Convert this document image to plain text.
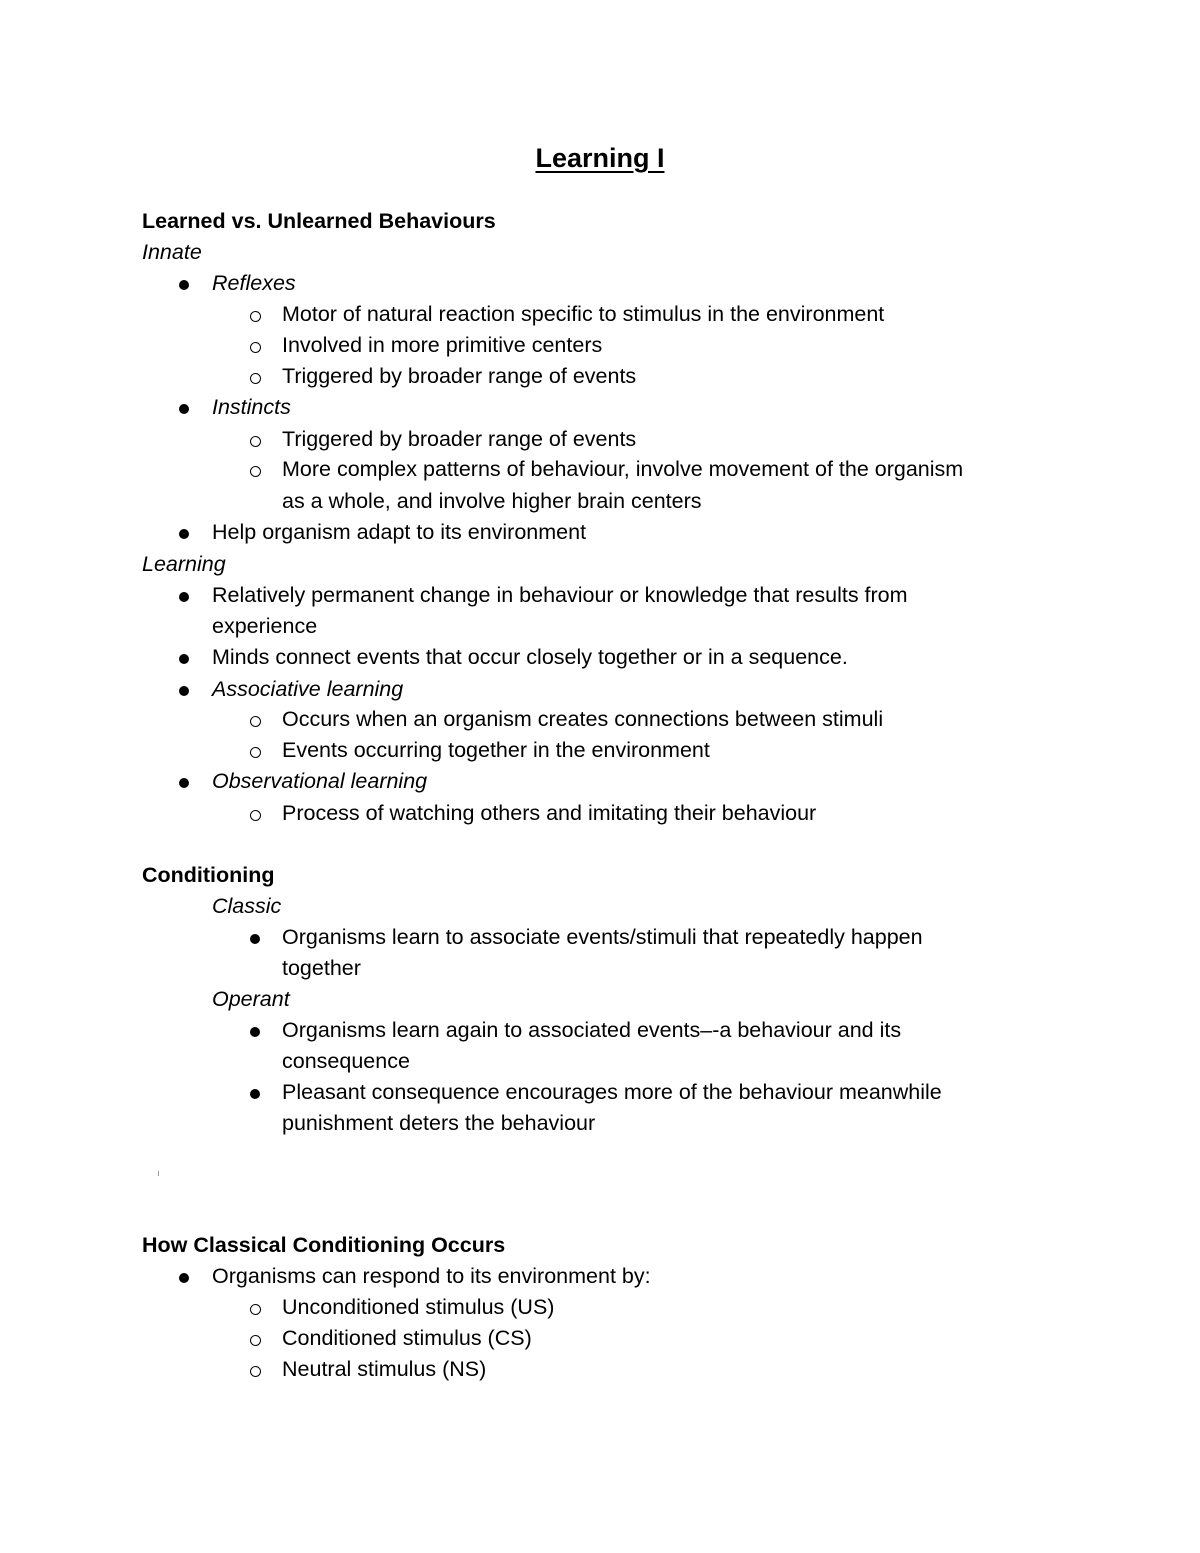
Learning I
Learned vs. Unlearned Behaviours
Innate
Reflexes
Motor of natural reaction specific to stimulus in the environment
Involved in more primitive centers
Triggered by broader range of events
Instincts
Triggered by broader range of events
More complex patterns of behaviour, involve movement of the organism
as a whole, and involve higher brain centers
Help organism adapt to its environment
Learning
Relatively permanent change in behaviour or knowledge that results from
experience
Minds connect events that occur closely together or in a sequence.
Associative learning
Occurs when an organism creates connections between stimuli
Events occurring together in the environment
Observational learning
Process of watching others and imitating their behaviour
Conditioning
Classic
Organisms learn to associate events/stimuli that repeatedly happen
together
Operant
Organisms learn again to associated events–-a behaviour and its
consequence
Pleasant consequence encourages more of the behaviour meanwhile
punishment deters the behaviour
How Classical Conditioning Occurs
Organisms can respond to its environment by:
Unconditioned stimulus (US)
Conditioned stimulus (CS)
Neutral stimulus (NS)
